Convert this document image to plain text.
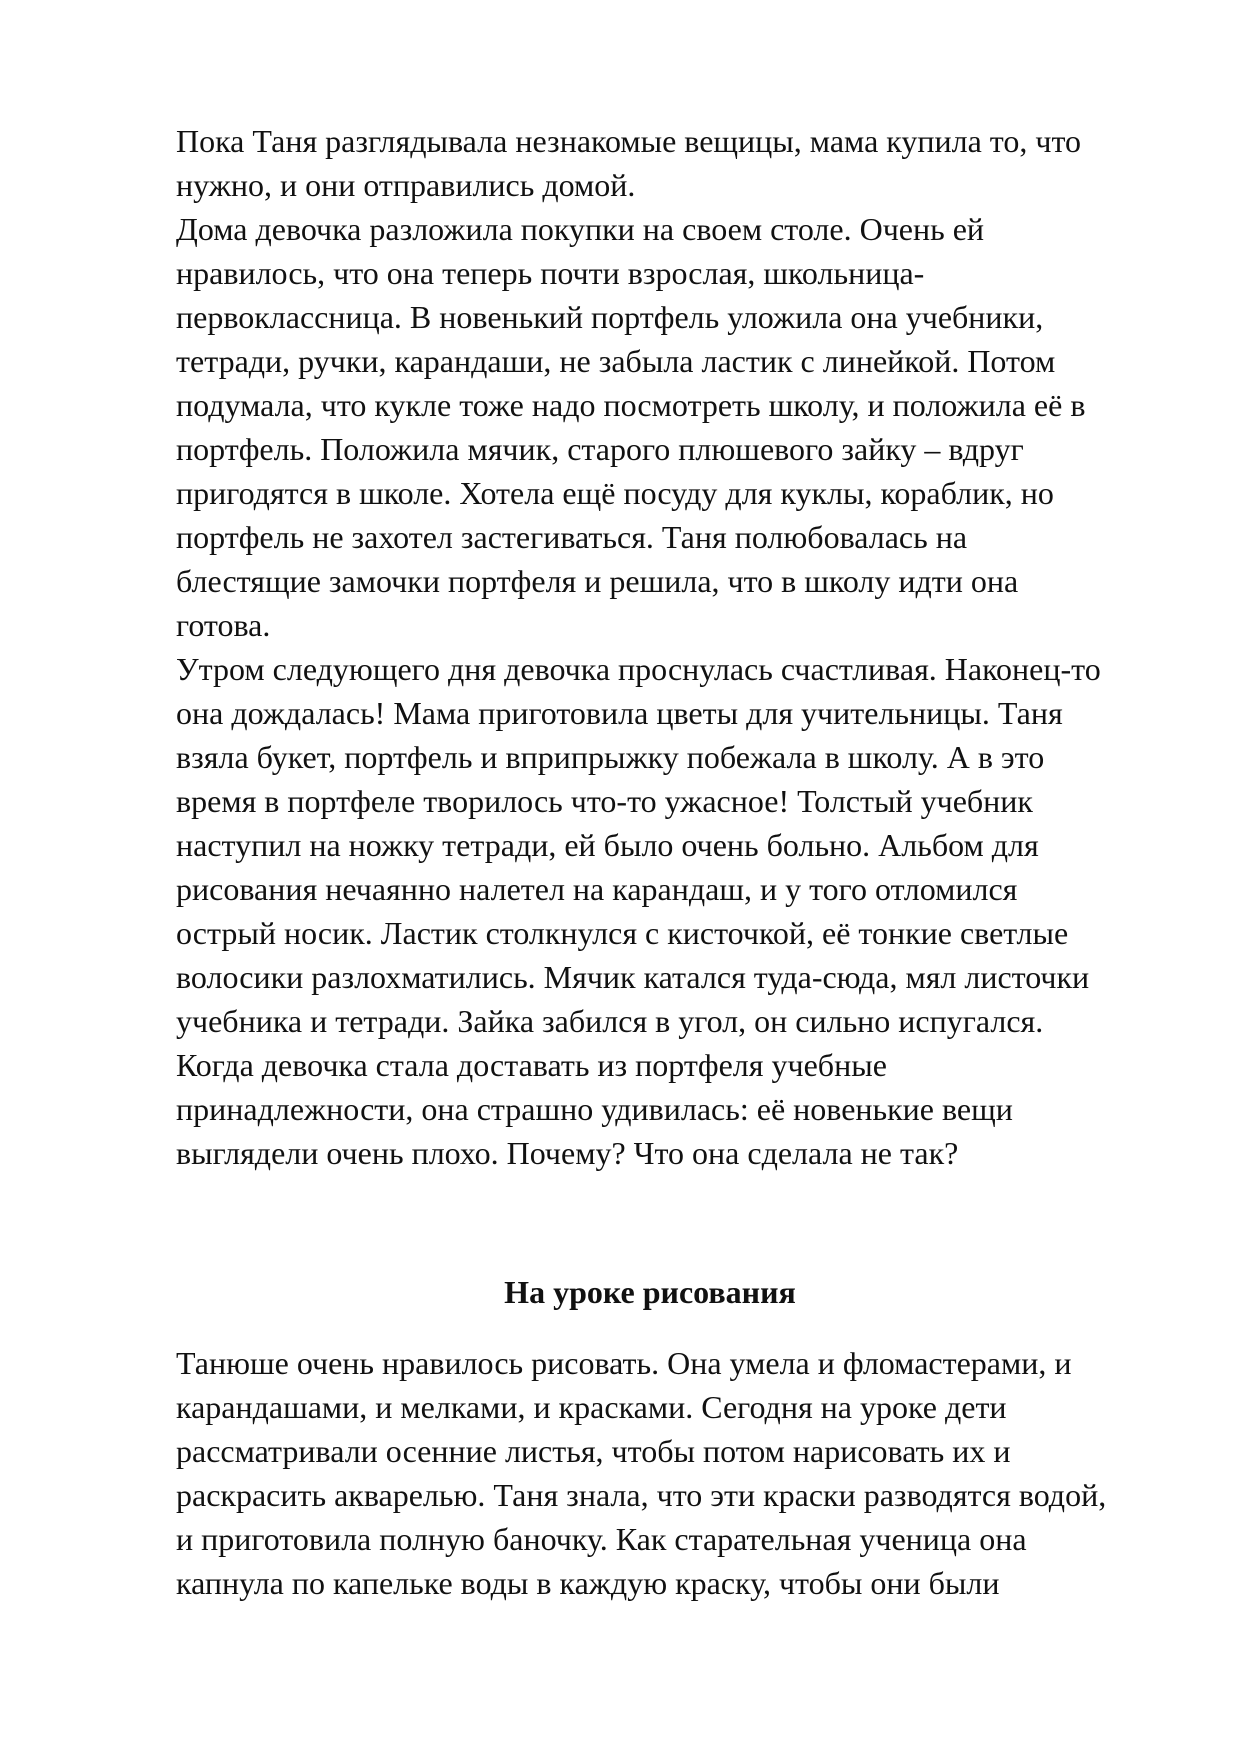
Пока Таня разглядывала незнакомые вещицы, мама купила то, что
нужно, и они отправились домой.
Дома девочка разложила покупки на своем столе. Очень ей
нравилось, что она теперь почти взрослая, школьница-
первоклассница. В новенький портфель уложила она учебники,
тетради, ручки, карандаши, не забыла ластик с линейкой. Потом
подумала, что кукле тоже надо посмотреть школу, и положила её в
портфель. Положила мячик, старого плюшевого зайку – вдруг
пригодятся в школе. Хотела ещё посуду для куклы, кораблик, но
портфель не захотел застегиваться. Таня полюбовалась на
блестящие замочки портфеля и решила, что в школу идти она
готова.
Утром следующего дня девочка проснулась счастливая. Наконец-то
она дождалась! Мама приготовила цветы для учительницы. Таня
взяла букет, портфель и вприпрыжку побежала в школу. А в это
время в портфеле творилось что-то ужасное! Толстый учебник
наступил на ножку тетради, ей было очень больно. Альбом для
рисования нечаянно налетел на карандаш, и у того отломился
острый носик. Ластик столкнулся с кисточкой, её тонкие светлые
волосики разлохматились. Мячик катался туда-сюда, мял листочки
учебника и тетради. Зайка забился в угол, он сильно испугался.
Когда девочка стала доставать из портфеля учебные
принадлежности, она страшно удивилась: её новенькие вещи
выглядели очень плохо. Почему? Что она сделала не так?
На уроке рисования
Танюше очень нравилось рисовать. Она умела и фломастерами, и
карандашами, и мелками, и красками. Сегодня на уроке дети
рассматривали осенние листья, чтобы потом нарисовать их и
раскрасить акварелью. Таня знала, что эти краски разводятся водой,
и приготовила полную баночку. Как старательная ученица она
капнула по капельке воды в каждую краску, чтобы они были
